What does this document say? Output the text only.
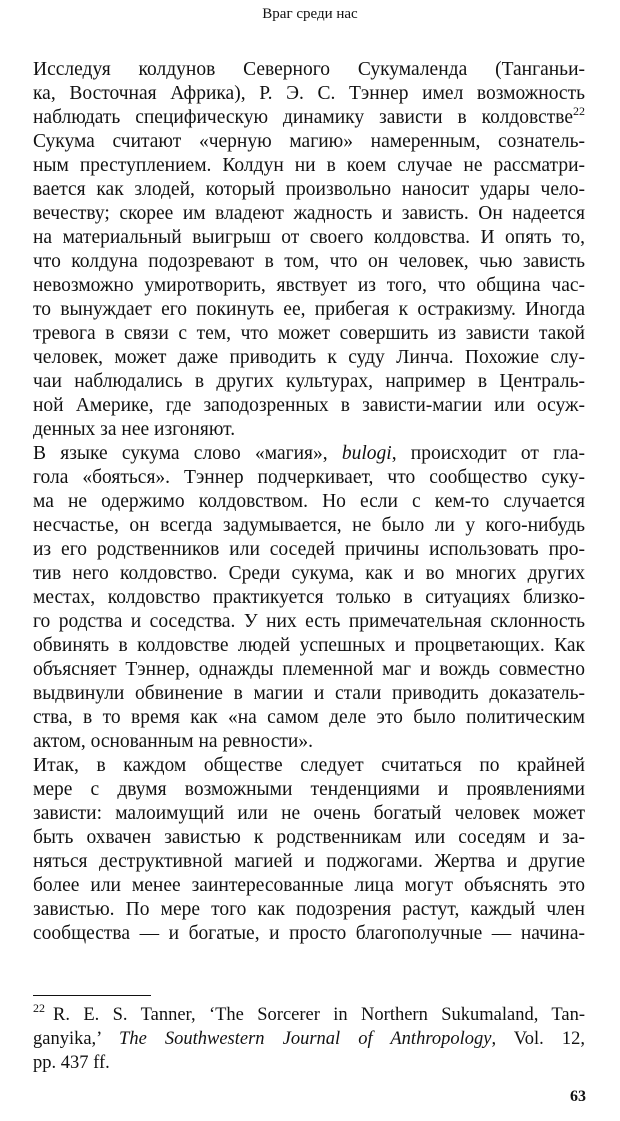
Враг среди нас
Исследуя колдунов Северного Сукумаленда (Танганьи-
ка, Восточная Африка), Р. Э. С. Тэннер имел возможность
наблюдать специфическую динамику зависти в колдовстве$^{22}$
Сукума считают «черную магию» намеренным, сознатель-
ным преступлением. Колдун ни в коем случае не рассматри-
вается как злодей, который произвольно наносит удары чело-
вечеству; скорее им владеют жадность и зависть. Он надеется
на материальный выигрыш от своего колдовства. И опять то,
что колдуна подозревают в том, что он человек, чью зависть
невозможно умиротворить, явствует из того, что община час-
то вынуждает его покинуть ее, прибегая к остракизму. Иногда
тревога в связи с тем, что может совершить из зависти такой
человек, может даже приводить к суду Линча. Похожие слу-
чаи наблюдались в других культурах, например в Централь-
ной Америке, где заподозренных в зависти-магии или осуж-
денных за нее изгоняют.
В языке сукума слово «магия», bulogi, происходит от гла-
гола «бояться». Тэннер подчеркивает, что сообщество суку-
ма не одержимо колдовством. Но если с кем-то случается
несчастье, он всегда задумывается, не было ли у кого-нибудь
из его родственников или соседей причины использовать про-
тив него колдовство. Среди сукума, как и во многих других
местах, колдовство практикуется только в ситуациях близко-
го родства и соседства. У них есть примечательная склонность
обвинять в колдовстве людей успешных и процветающих. Как
объясняет Тэннер, однажды племенной маг и вождь совместно
выдвинули обвинение в магии и стали приводить доказатель-
ства, в то время как «на самом деле это было политическим
актом, основанным на ревности».
Итак, в каждом обществе следует считаться по крайней
мере с двумя возможными тенденциями и проявлениями
зависти: малоимущий или не очень богатый человек может
быть охвачен завистью к родственникам или соседям и за-
няться деструктивной магией и поджогами. Жертва и другие
более или менее заинтересованные лица могут объяснять это
завистью. По мере того как подозрения растут, каждый член
сообщества — и богатые, и просто благополучные — начина-
$^{22}$ R. E. S. Tanner, ‘The Sorcerer in Northern Sukumaland, Tan-
ganyika,’ The Southwestern Journal of Anthropology, Vol. 12,
pp. 437 ff.
63
